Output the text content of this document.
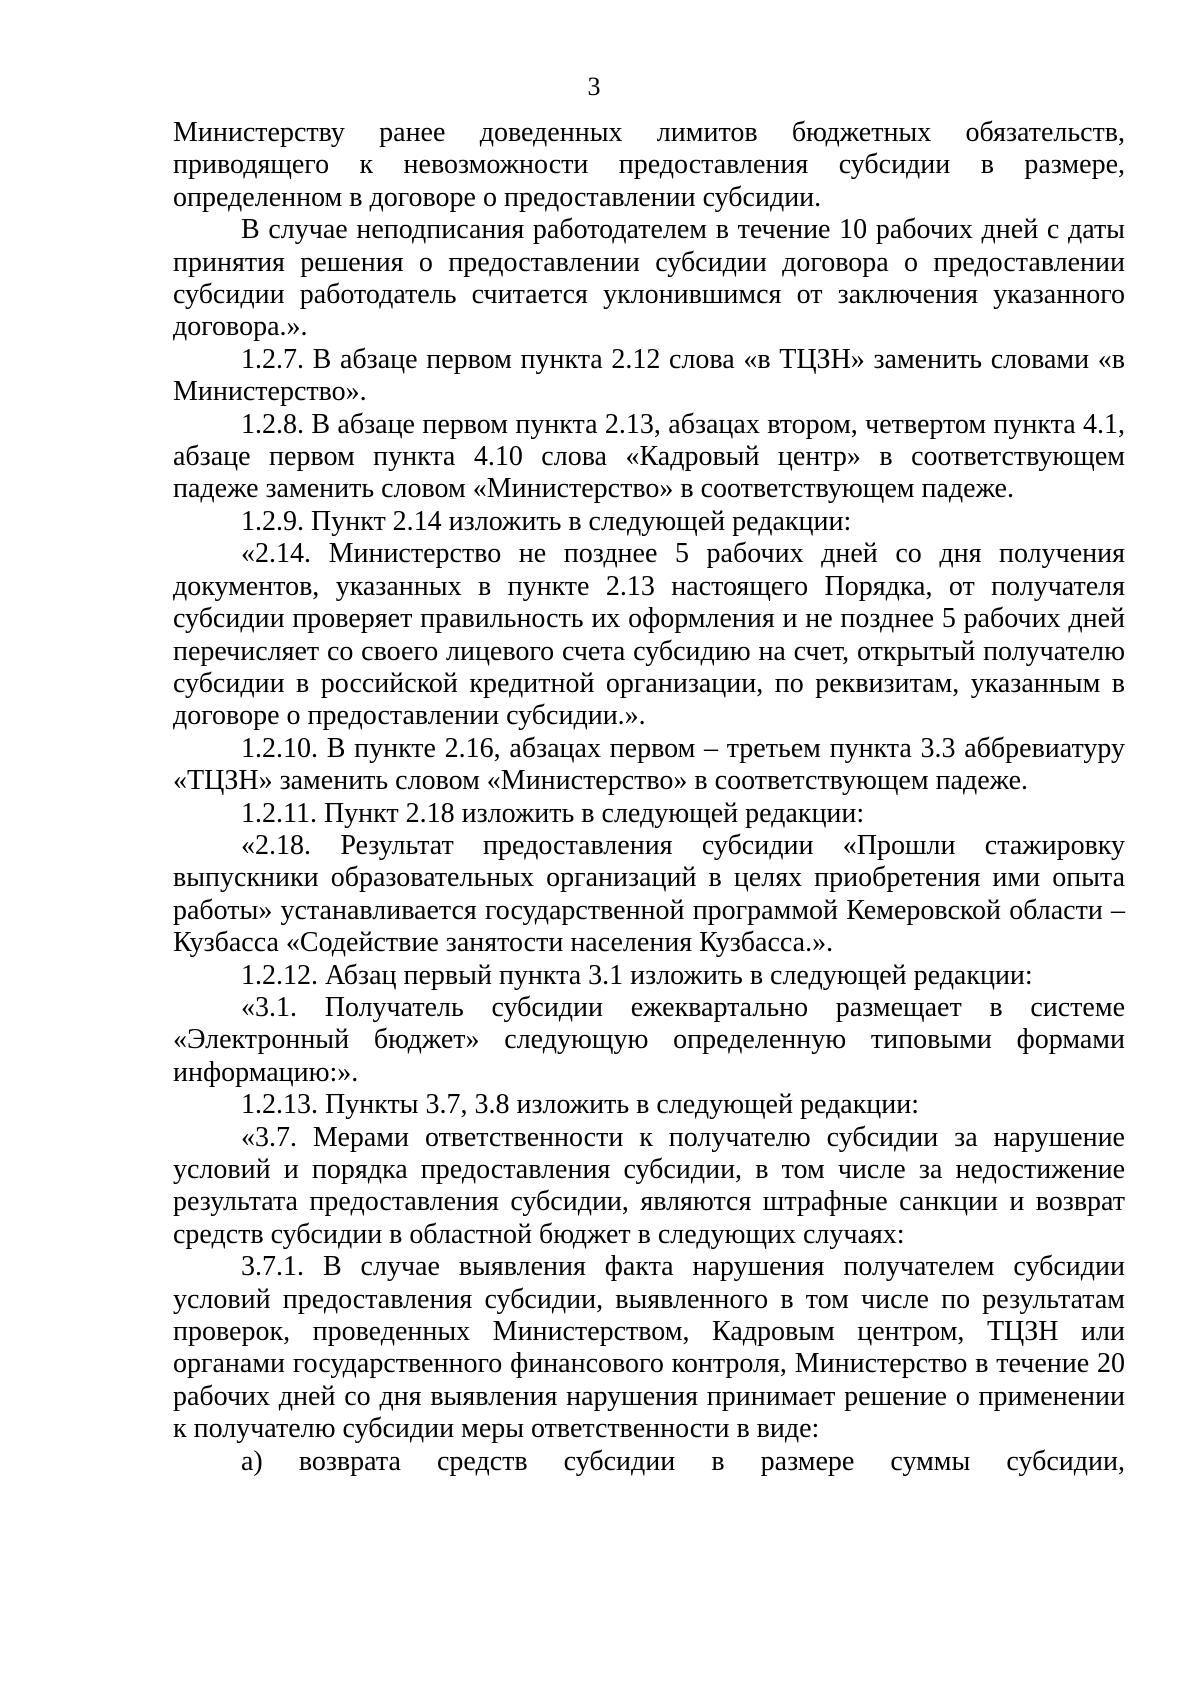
3

Министерству ранее доведенных лимитов бюджетных обязательств, приводящего к невозможности предоставления субсидии в размере, определенном в договоре о предоставлении субсидии.

В случае неподписания работодателем в течение 10 рабочих дней с даты принятия решения о предоставлении субсидии договора о предоставлении субсидии работодатель считается уклонившимся от заключения указанного договора.».

1.2.7. В абзаце первом пункта 2.12 слова «в ТЦЗН» заменить словами «в Министерство».

1.2.8. В абзаце первом пункта 2.13, абзацах втором, четвертом пункта 4.1, абзаце первом пункта 4.10 слова «Кадровый центр» в соответствующем падеже заменить словом «Министерство» в соответствующем падеже.

1.2.9. Пункт 2.14 изложить в следующей редакции:

«2.14. Министерство не позднее 5 рабочих дней со дня получения документов, указанных в пункте 2.13 настоящего Порядка, от получателя субсидии проверяет правильность их оформления и не позднее 5 рабочих дней перечисляет со своего лицевого счета субсидию на счет, открытый получателю субсидии в российской кредитной организации, по реквизитам, указанным в договоре о предоставлении субсидии.».

1.2.10. В пункте 2.16, абзацах первом – третьем пункта 3.3 аббревиатуру «ТЦЗН» заменить словом «Министерство» в соответствующем падеже.

1.2.11. Пункт 2.18 изложить в следующей редакции:

«2.18. Результат предоставления субсидии «Прошли стажировку выпускники образовательных организаций в целях приобретения ими опыта работы» устанавливается государственной программой Кемеровской области – Кузбасса «Содействие занятости населения Кузбасса.».

1.2.12. Абзац первый пункта 3.1 изложить в следующей редакции:

«3.1. Получатель субсидии ежеквартально размещает в системе «Электронный бюджет» следующую определенную типовыми формами информацию:».

1.2.13. Пункты 3.7, 3.8 изложить в следующей редакции:

«3.7. Мерами ответственности к получателю субсидии за нарушение условий и порядка предоставления субсидии, в том числе за недостижение результата предоставления субсидии, являются штрафные санкции и возврат средств субсидии в областной бюджет в следующих случаях:

3.7.1. В случае выявления факта нарушения получателем субсидии условий предоставления субсидии, выявленного в том числе по результатам проверок, проведенных Министерством, Кадровым центром, ТЦЗН или органами государственного финансового контроля, Министерство в течение 20 рабочих дней со дня выявления нарушения принимает решение о применении к получателю субсидии меры ответственности в виде:

а) возврата средств субсидии в размере суммы субсидии,
